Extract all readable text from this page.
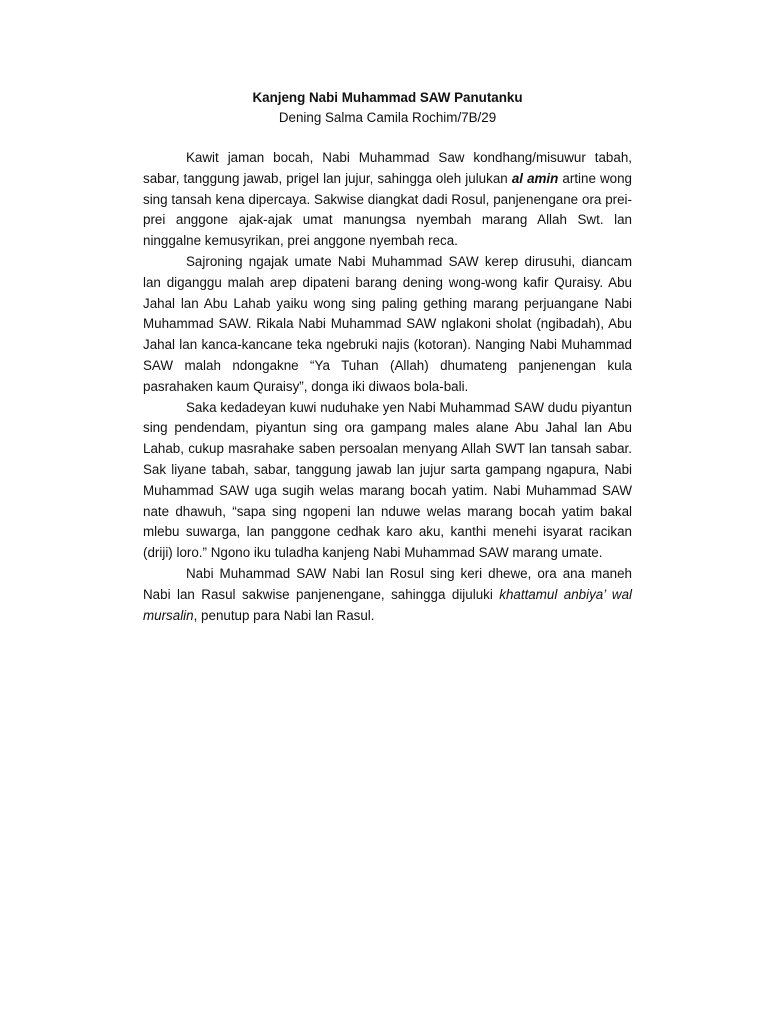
Kanjeng Nabi Muhammad SAW Panutanku

Dening Salma Camila Rochim/7B/29

Kawit jaman bocah, Nabi Muhammad Saw kondhang/misuwur tabah, sabar, tanggung jawab, prigel lan jujur, sahingga oleh julukan al amin artine wong sing tansah kena dipercaya. Sakwise diangkat dadi Rosul, panjenengane ora prei-prei anggone ajak-ajak umat manungsa nyembah marang Allah Swt. lan ninggalne kemusyrikan, prei anggone nyembah reca.

Sajroning ngajak umate Nabi Muhammad SAW kerep dirusuhi, diancam lan diganggu malah arep dipateni barang dening wong-wong kafir Quraisy. Abu Jahal lan Abu Lahab yaiku wong sing paling gething marang perjuangane Nabi Muhammad SAW. Rikala Nabi Muhammad SAW nglakoni sholat (ngibadah), Abu Jahal lan kanca-kancane teka ngebruki najis (kotoran). Nanging Nabi Muhammad SAW malah ndongakne “Ya Tuhan (Allah) dhumateng panjenengan kula pasrahaken kaum Quraisy”, donga iki diwaos bola-bali.

Saka kedadeyan kuwi nuduhake yen Nabi Muhammad SAW dudu piyantun sing pendendam, piyantun sing ora gampang males alane Abu Jahal lan Abu Lahab, cukup masrahake saben persoalan menyang Allah SWT lan tansah sabar. Sak liyane tabah, sabar, tanggung jawab lan jujur sarta gampang ngapura, Nabi Muhammad SAW uga sugih welas marang bocah yatim. Nabi Muhammad SAW nate dhawuh, “sapa sing ngopeni lan nduwe welas marang bocah yatim bakal mlebu suwarga, lan panggone cedhak karo aku, kanthi menehi isyarat racikan (driji) loro.” Ngono iku tuladha kanjeng Nabi Muhammad SAW marang umate.

Nabi Muhammad SAW Nabi lan Rosul sing keri dhewe, ora ana maneh Nabi lan Rasul sakwise panjenengane, sahingga dijuluki khattamul anbiya’ wal mursalin, penutup para Nabi lan Rasul.
